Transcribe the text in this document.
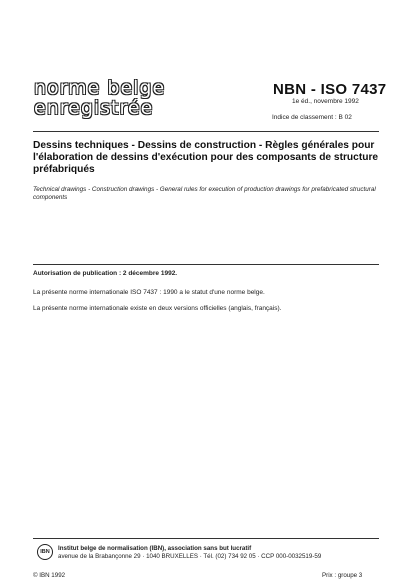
norme belge
enregistrée
NBN - ISO 7437
1e éd., novembre 1992
Indice de classement : B 02
Dessins techniques - Dessins de construction - Règles générales pour l'élaboration de dessins d'exécution pour des composants de structure préfabriqués
Technical drawings - Construction drawings - General rules for execution of production drawings for prefabricated structural components
Autorisation de publication : 2 décembre 1992.
La présente norme internationale ISO 7437 : 1990 a le statut d'une norme belge.
La présente norme internationale existe en deux versions officielles (anglais, français).
IBN	Institut belge de normalisation (IBN), association sans but lucratif
avenue de la Brabançonne 29 · 1040 BRUXELLES · Tél. (02) 734 92 05 · CCP 000-0032519-59
© IBN 1992	Prix : groupe 3
